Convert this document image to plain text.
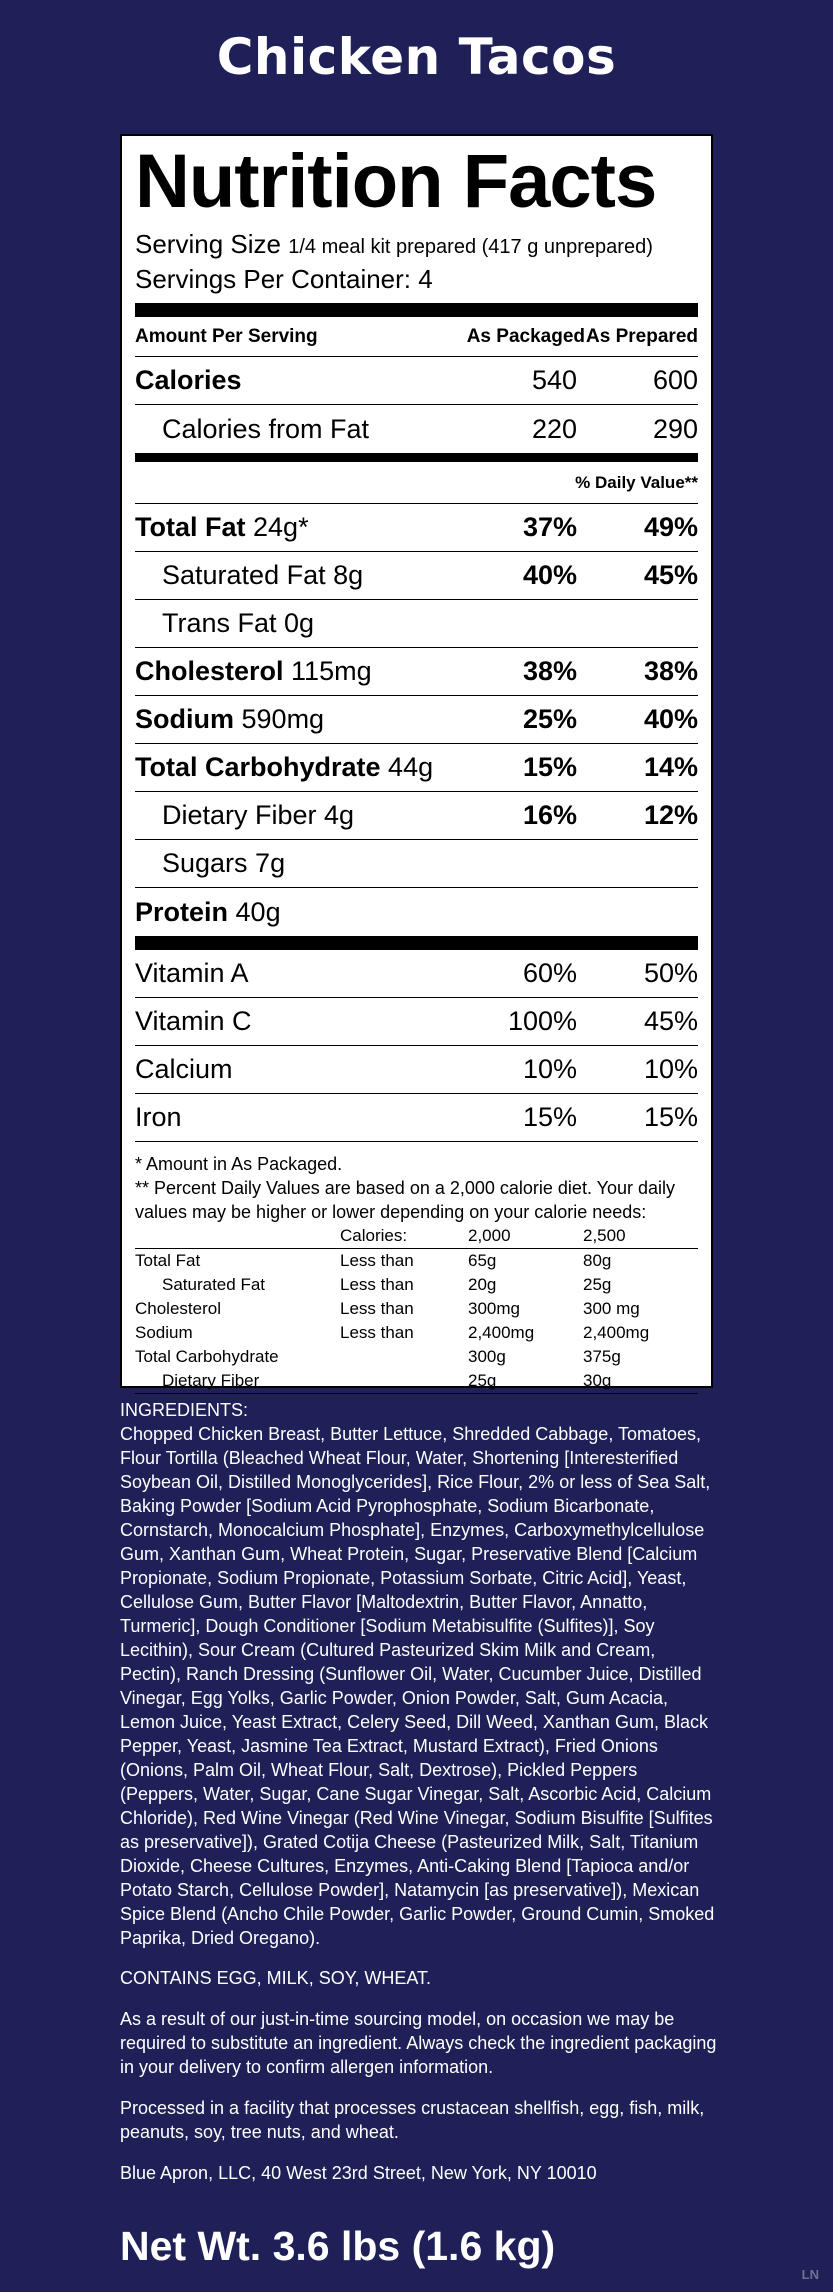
Chicken Tacos
Nutrition Facts
Serving Size 1/4 meal kit prepared (417 g unprepared)
Servings Per Container: 4
Amount Per Serving	As Packaged As Prepared
Calories	540	600
Calories from Fat	220	290
% Daily Value**
Total Fat 24g*	37%	49%
Saturated Fat 8g	40%	45%
Trans Fat 0g
Cholesterol 115mg	38%	38%
Sodium 590mg	25%	40%
Total Carbohydrate 44g	15%	14%
Dietary Fiber 4g	16%	12%
Sugars 7g
Protein 40g
Vitamin A	60%	50%
Vitamin C	100%	45%
Calcium	10%	10%
Iron	15%	15%
* Amount in As Packaged.
** Percent Daily Values are based on a 2,000 calorie diet. Your daily values may be higher or lower depending on your calorie needs:
	Calories:	2,000	2,500
Total Fat	Less than	65g	80g
Saturated Fat	Less than	20g	25g
Cholesterol	Less than	300mg	300 mg
Sodium	Less than	2,400mg	2,400mg
Total Carbohydrate		300g	375g
Dietary Fiber		25g	30g

INGREDIENTS:

Chopped Chicken Breast, Butter Lettuce, Shredded Cabbage, Tomatoes, Flour Tortilla (Bleached Wheat Flour, Water, Shortening [Interesterified Soybean Oil, Distilled Monoglycerides], Rice Flour, 2% or less of Sea Salt, Baking Powder [Sodium Acid Pyrophosphate, Sodium Bicarbonate, Cornstarch, Monocalcium Phosphate], Enzymes, Carboxymethylcellulose Gum, Xanthan Gum, Wheat Protein, Sugar, Preservative Blend [Calcium Propionate, Sodium Propionate, Potassium Sorbate, Citric Acid], Yeast, Cellulose Gum, Butter Flavor [Maltodextrin, Butter Flavor, Annatto, Turmeric], Dough Conditioner [Sodium Metabisulfite (Sulfites)], Soy Lecithin), Sour Cream (Cultured Pasteurized Skim Milk and Cream, Pectin), Ranch Dressing (Sunflower Oil, Water, Cucumber Juice, Distilled Vinegar, Egg Yolks, Garlic Powder, Onion Powder, Salt, Gum Acacia, Lemon Juice, Yeast Extract, Celery Seed, Dill Weed, Xanthan Gum, Black Pepper, Yeast, Jasmine Tea Extract, Mustard Extract), Fried Onions (Onions, Palm Oil, Wheat Flour, Salt, Dextrose), Pickled Peppers (Peppers, Water, Sugar, Cane Sugar Vinegar, Salt, Ascorbic Acid, Calcium Chloride), Red Wine Vinegar (Red Wine Vinegar, Sodium Bisulfite [Sulfites as preservative]), Grated Cotija Cheese (Pasteurized Milk, Salt, Titanium Dioxide, Cheese Cultures, Enzymes, Anti-Caking Blend [Tapioca and/or Potato Starch, Cellulose Powder], Natamycin [as preservative]), Mexican Spice Blend (Ancho Chile Powder, Garlic Powder, Ground Cumin, Smoked Paprika, Dried Oregano).

CONTAINS EGG, MILK, SOY, WHEAT.
As a result of our just-in-time sourcing model, on occasion we may be required to substitute an ingredient. Always check the ingredient packaging in your delivery to confirm allergen information.
Processed in a facility that processes crustacean shellfish, egg, fish, milk, peanuts, soy, tree nuts, and wheat.
Blue Apron, LLC, 40 West 23rd Street, New York, NY 10010
Net Wt. 3.6 lbs (1.6 kg)
LN
